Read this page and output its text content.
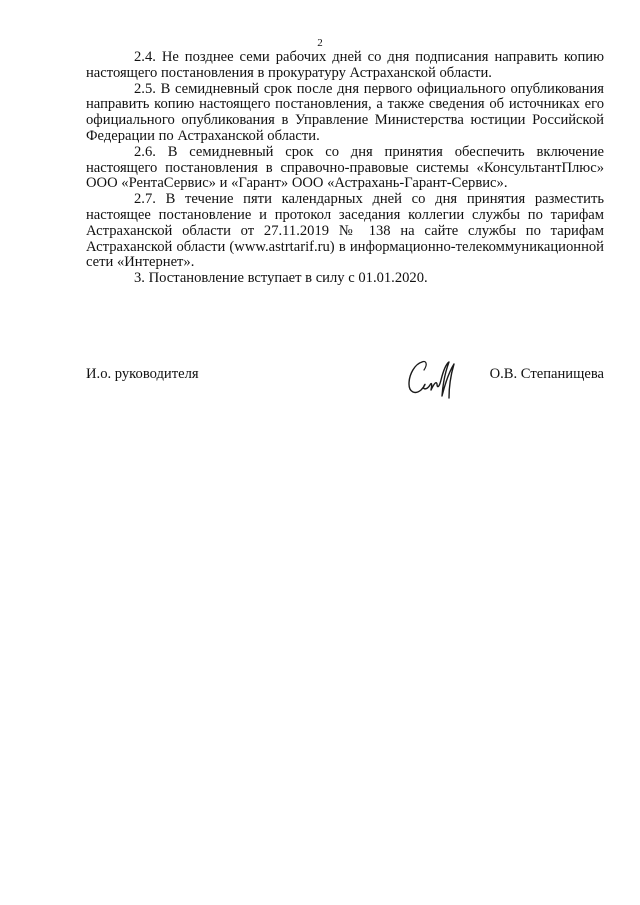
2

2.4. Не позднее семи рабочих дней со дня подписания направить копию настоящего постановления в прокуратуру Астраханской области.

2.5. В семидневный срок после дня первого официального опубликования направить копию настоящего постановления, а также сведения об источниках его официального опубликования в Управление Министерства юстиции Российской Федерации по Астраханской области.

2.6. В семидневный срок со дня принятия обеспечить включение настоящего постановления в справочно-правовые системы «КонсультантПлюс» ООО «РентаСервис» и «Гарант» ООО «Астрахань-Гарант-Сервис».

2.7. В течение пяти календарных дней со дня принятия разместить настоящее постановление и протокол заседания коллегии службы по тарифам Астраханской области от 27.11.2019 № 138 на сайте службы по тарифам Астраханской области (www.astrtarif.ru) в информационно-телекоммуникационной сети «Интернет».

3. Постановление вступает в силу с 01.01.2020.

И.о. руководителя	О.В. Степанищева
